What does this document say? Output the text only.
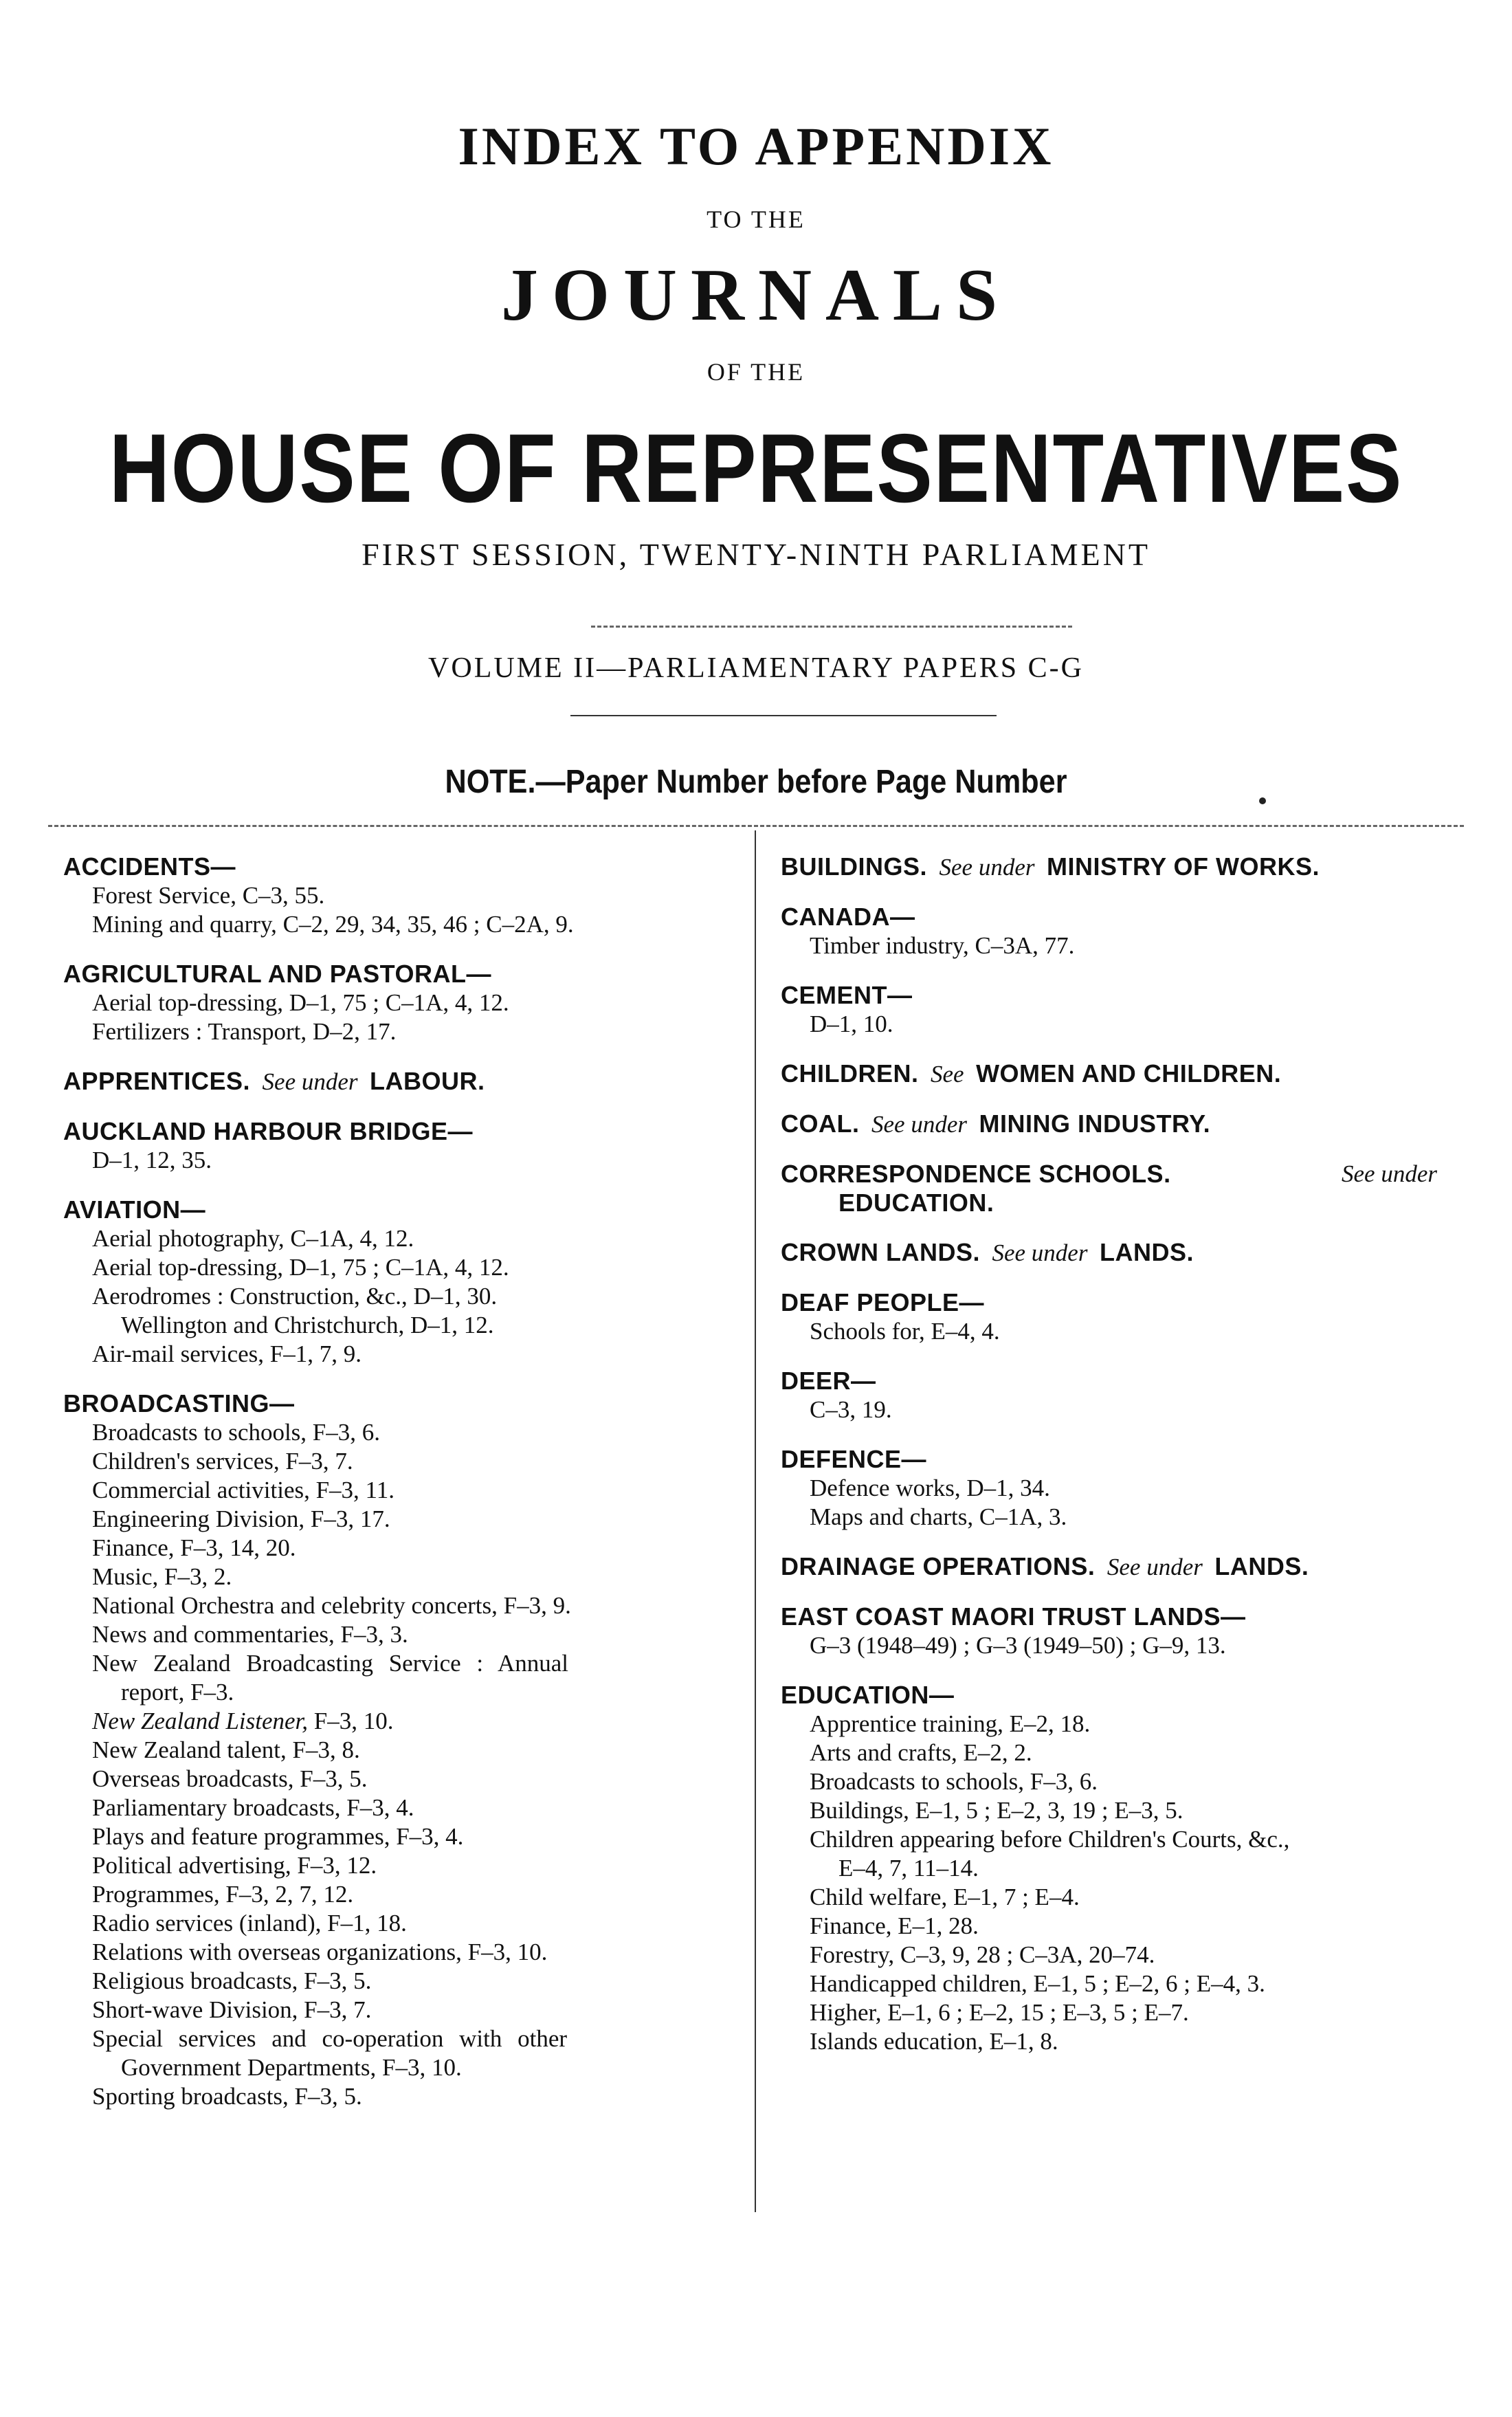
INDEX TO APPENDIX
TO THE
JOURNALS
OF THE
HOUSE OF REPRESENTATIVES
FIRST SESSION, TWENTY-NINTH PARLIAMENT
VOLUME II—PARLIAMENTARY PAPERS C-G
NOTE.—Paper Number before Page Number
ACCIDENTS—
Forest Service, C–3, 55.
Mining and quarry, C–2, 29, 34, 35, 46 ; C–2A, 9.
AGRICULTURAL AND PASTORAL—
Aerial top-dressing, D–1, 75 ; C–1A, 4, 12.
Fertilizers : Transport, D–2, 17.
APPRENTICES. See under LABOUR.
AUCKLAND HARBOUR BRIDGE—
D–1, 12, 35.
AVIATION—
Aerial photography, C–1A, 4, 12.
Aerial top-dressing, D–1, 75 ; C–1A, 4, 12.
Aerodromes : Construction, &c., D–1, 30.
Wellington and Christchurch, D–1, 12.
Air-mail services, F–1, 7, 9.
BROADCASTING—
Broadcasts to schools, F–3, 6.
Children's services, F–3, 7.
Commercial activities, F–3, 11.
Engineering Division, F–3, 17.
Finance, F–3, 14, 20.
Music, F–3, 2.
National Orchestra and celebrity concerts, F–3, 9.
News and commentaries, F–3, 3.
New Zealand Broadcasting Service : Annual
report, F–3.
New Zealand Listener, F–3, 10.
New Zealand talent, F–3, 8.
Overseas broadcasts, F–3, 5.
Parliamentary broadcasts, F–3, 4.
Plays and feature programmes, F–3, 4.
Political advertising, F–3, 12.
Programmes, F–3, 2, 7, 12.
Radio services (inland), F–1, 18.
Relations with overseas organizations, F–3, 10.
Religious broadcasts, F–3, 5.
Short-wave Division, F–3, 7.
Special services and co-operation with other
Government Departments, F–3, 10.
Sporting broadcasts, F–3, 5.
BUILDINGS. See under MINISTRY OF WORKS.
CANADA—
Timber industry, C–3A, 77.
CEMENT—
D–1, 10.
CHILDREN. See WOMEN AND CHILDREN.
COAL. See under MINING INDUSTRY.
CORRESPONDENCE SCHOOLS.	See under
EDUCATION.
CROWN LANDS. See under LANDS.
DEAF PEOPLE—
Schools for, E–4, 4.
DEER—
C–3, 19.
DEFENCE—
Defence works, D–1, 34.
Maps and charts, C–1A, 3.
DRAINAGE OPERATIONS. See under LANDS.
EAST COAST MAORI TRUST LANDS—
G–3 (1948–49) ; G–3 (1949–50) ; G–9, 13.
EDUCATION—
Apprentice training, E–2, 18.
Arts and crafts, E–2, 2.
Broadcasts to schools, F–3, 6.
Buildings, E–1, 5 ; E–2, 3, 19 ; E–3, 5.
Children appearing before Children's Courts, &c.,
E–4, 7, 11–14.
Child welfare, E–1, 7 ; E–4.
Finance, E–1, 28.
Forestry, C–3, 9, 28 ; C–3A, 20–74.
Handicapped children, E–1, 5 ; E–2, 6 ; E–4, 3.
Higher, E–1, 6 ; E–2, 15 ; E–3, 5 ; E–7.
Islands education, E–1, 8.
